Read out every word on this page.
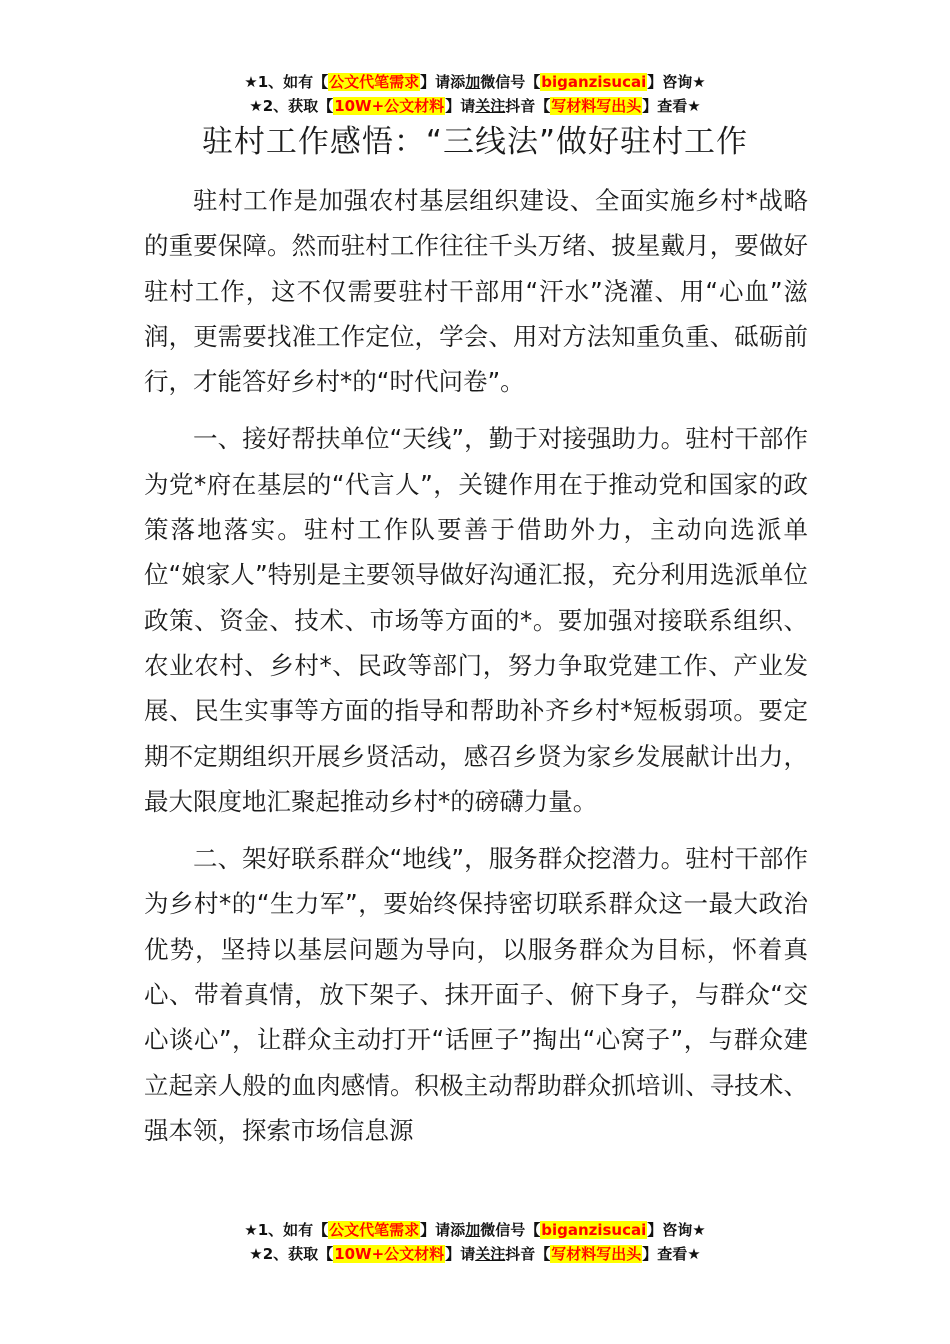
★1、如有【公文代笔需求】请添加微信号【biganzisucai】咨询★
★2、获取【10W+公文材料】请关注抖音【写材料写出头】查看★
驻村工作感悟：“三线法”做好驻村工作

驻村工作是加强农村基层组织建设、全面实施乡村*战略的重要保障。然而驻村工作往往千头万绪、披星戴月，要做好驻村工作，这不仅需要驻村干部用“汗水”浇灌、用“心血”滋润，更需要找准工作定位，学会、用对方法知重负重、砥砺前行，才能答好乡村*的“时代问卷”。

一、接好帮扶单位“天线”，勤于对接强助力。驻村干部作为党*府在基层的“代言人”，关键作用在于推动党和国家的政策落地落实。驻村工作队要善于借助外力，主动向选派单位“娘家人”特别是主要领导做好沟通汇报，充分利用选派单位政策、资金、技术、市场等方面的*。要加强对接联系组织、农业农村、乡村*、民政等部门，努力争取党建工作、产业发展、民生实事等方面的指导和帮助补齐乡村*短板弱项。要定期不定期组织开展乡贤活动，感召乡贤为家乡发展献计出力，最大限度地汇聚起推动乡村*的磅礴力量。

二、架好联系群众“地线”，服务群众挖潜力。驻村干部作为乡村*的“生力军”，要始终保持密切联系群众这一最大政治优势，坚持以基层问题为导向，以服务群众为目标，怀着真心、带着真情，放下架子、抹开面子、俯下身子，与群众“交心谈心”，让群众主动打开“话匣子”掏出“心窝子”，与群众建立起亲人般的血肉感情。积极主动帮助群众抓培训、寻技术、强本领，探索市场信息源

★1、如有【公文代笔需求】请添加微信号【biganzisucai】咨询★
★2、获取【10W+公文材料】请关注抖音【写材料写出头】查看★
